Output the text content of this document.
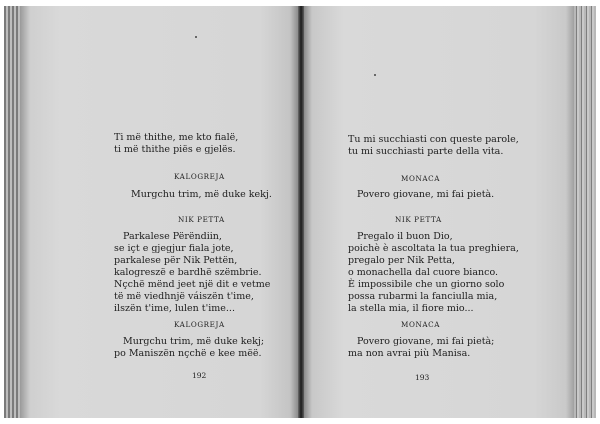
Ti më thithe, me kto fialë,
ti më thithe piës e gjelës.
KALOGREJA
Murgchu trim, më duke kekj.
NIK PETTA
Parkalese Përëndiin,
se içt e gjegjur fiala jote,
parkalese për Nik Pettën,
kalogreszë e bardhë szëmbrie.
Nçchë mënd jeet një dit e vetme
të më viedhnjë váiszën t'ime,
ilszën t'ime, lulen t'ime...
KALOGREJA
Murgchu trim, më duke kekj;
po Maniszën nçchë e kee mëë.
192
Tu mi succhiasti con queste parole,
tu mi succhiasti parte della vita.
MONACA
Povero giovane, mi fai pietà.
NIK PETTA
Pregalo il buon Dio,
poichè è ascoltata la tua preghiera,
pregalo per Nik Petta,
o monachella dal cuore bianco.
È impossibile che un giorno solo
possa rubarmi la fanciulla mia,
la stella mia, il fiore mio...
MONACA
Povero giovane, mi fai pietà;
ma non avrai più Manisa.
193
